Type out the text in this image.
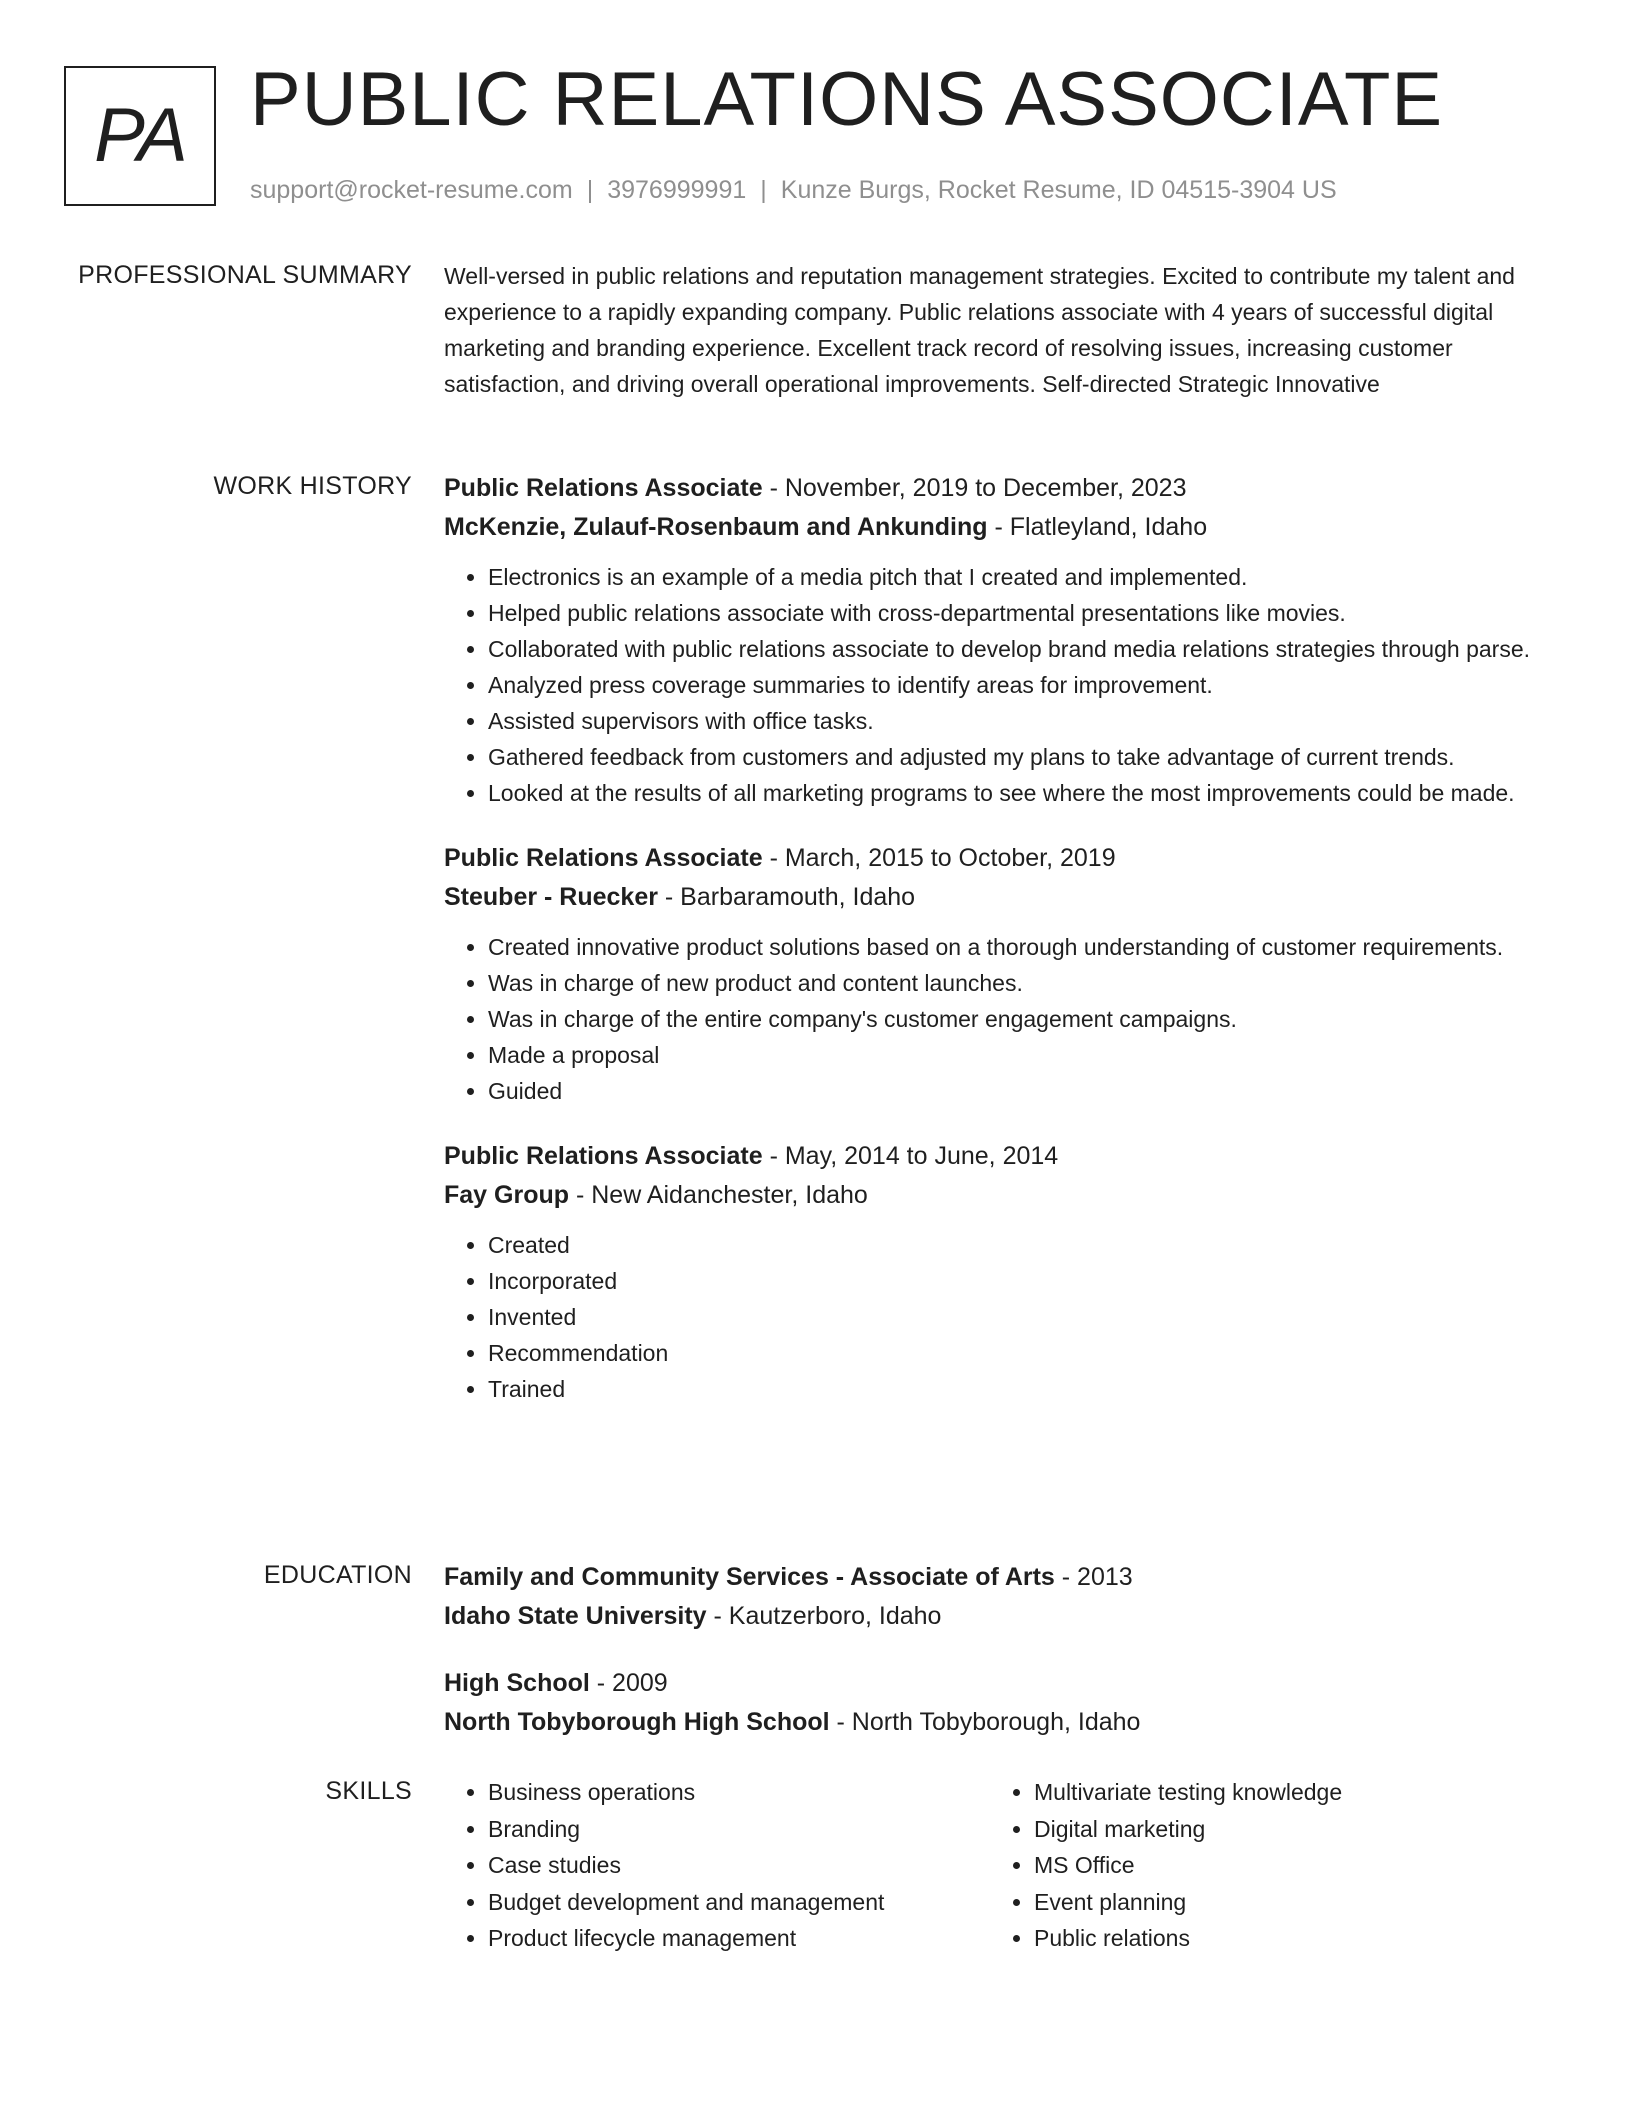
PA PUBLIC RELATIONS ASSOCIATE
support@rocket-resume.com | 3976999991 | Kunze Burgs, Rocket Resume, ID 04515-3904 US
PROFESSIONAL SUMMARY Well-versed in public relations and reputation management strategies. Excited to contribute my talent and experience to a rapidly expanding company. Public relations associate with 4 years of successful digital marketing and branding experience. Excellent track record of resolving issues, increasing customer satisfaction, and driving overall operational improvements. Self-directed Strategic Innovative

WORK HISTORY Public Relations Associate - November, 2019 to December, 2023
McKenzie, Zulauf-Rosenbaum and Ankunding - Flatleyland, Idaho
• Electronics is an example of a media pitch that I created and implemented.
• Helped public relations associate with cross-departmental presentations like movies.
• Collaborated with public relations associate to develop brand media relations strategies through parse.
• Analyzed press coverage summaries to identify areas for improvement.
• Assisted supervisors with office tasks.
• Gathered feedback from customers and adjusted my plans to take advantage of current trends.
• Looked at the results of all marketing programs to see where the most improvements could be made.
Public Relations Associate - March, 2015 to October, 2019
Steuber - Ruecker - Barbaramouth, Idaho
• Created innovative product solutions based on a thorough understanding of customer requirements.
• Was in charge of new product and content launches.
• Was in charge of the entire company's customer engagement campaigns.
• Made a proposal
• Guided
Public Relations Associate - May, 2014 to June, 2014
Fay Group - New Aidanchester, Idaho
• Created
• Incorporated
• Invented
• Recommendation
• Trained
EDUCATION Family and Community Services - Associate of Arts - 2013
Idaho State University - Kautzerboro, Idaho
High School - 2009
North Tobyborough High School - North Tobyborough, Idaho
SKILLS
•	Business operations
• Branding
• Case studies
• Budget development and management
• Product lifecycle management
• Multivariate testing knowledge
• Digital marketing
• MS Office
• Event planning
• Public relations
